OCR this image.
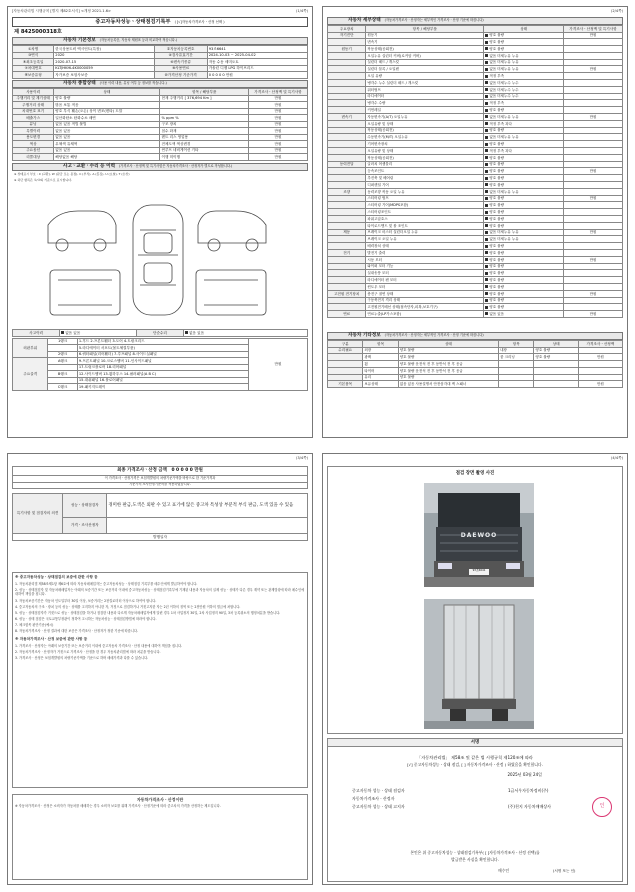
[자동차관리법 시행규칙 [별지 제82호서식] <개정 2021.1.6>	(1/4쪽)
중고자동차성능ㆍ상태점검기록부 ( [√]자동차가격조사ㆍ산정 선택 )
제 8425000318호
자동차 기본정보 (자동차등록증, 자동차 제원표 등과 비교하여 적습니다.)
①차명	한국상용트럭 엑시언트(특장)	②자동차등록번호	93조6641
③연식	2020	④검사유효기간	2024-10-03 ~ 2025-04-02
⑤최초등록일	2020-07-15	⑥변속기종류	자동 수동 세미오토
⑦차대번호	KLTJHKHL4K0000059	⑧사용연료	가솔린 디젤 LPG 하이브리드
⑨보증유형	자가보증 보험사보증	⑩가격산정 기준가격	0 0 0 0 0 만원
자동차 종합상태 (사용 이력 내용, 튜닝 여부 등 정보를 적습니다.)
사용이력	상태	항목 / 해당부품	가격조사ㆍ산정액 및 특기사항
주행거리 및 계기상태	양호 불량	현재 주행거리 [ 376,694 Km ]	만원
주행거리 상태	많음 보통 적음		만원
차대번호 표기	양호 부식 훼손(오손) 상이 변조(변타) 도말		만원
배출가스	일산화탄소 탄화수소 매연	% ppm %	만원
튜닝	없음 있음 적법 불법	구조 장치	만원
특별이력	없음 있음	침수 화재	만원
용도변경	없음 있음	렌트 리스 영업용	만원
색상	무채색 유채색	전체도색 색상변경	만원
주요옵션	없음 있음	썬루프 네비게이션 기타	만원
리콜대상	해당없음 해당	이행 미이행	만원
사고ㆍ교환ㆍ수리 등 이력 (가격조사ㆍ산정액 및 특기사항은 자동차가격조사ㆍ산정자가 별도로 작성합니다.)

※ 상태표시 부호 : X (교환), W (판금 또는 용접), C (부식), A (흠집), U (요철), T (손상)

※ 하단 항목은 ①/②의 기준으로 표시합니다.

사고이력	없음 있음	단순수리	없음 있음
외판부위	1랭크	1.후드 2.프론트휀더 3.도어 4.트렁크리드	만원
		5.라디에이터 서포트(볼트체결부품)	
	2랭크	6.쿼터패널(리어휀더) 7.루프패널 8.사이드실패널	
주요골격	A랭크	9.프론트패널 10.크로스멤버 11.인사이드패널	
		17.트렁크플로어 18.리어패널	
	B랭크	12.사이드멤버 13.휠하우스 14.필러패널(A B C)	
		15.대쉬패널 16.플로어패널	
	C랭크	19.패키지트레이	
(2/4쪽)
자동차 세부상태 (자동차가격조사ㆍ산정자는 세부적인 가격조사ㆍ산정 기준에 따릅니다)
주요장치	항목 / 해당부품	상태	가격조사ㆍ산정액 및 특기사항
자기진단	원동기	양호 불량	만원
	변속기	양호 불량	
원동기	작동상태(공회전)	양호 불량	
	오일누유 실린더 커버(로커암 커버)	없음 미세누유 누유	
	실린더 헤드 / 개스킷	없음 미세누유 누유	
	실린더 블록 / 오일팬	없음 미세누유 누유	만원
	오일 유량	적정 부족	
	냉각수 누수 실린더 헤드 / 개스킷	없음 미세누수 누수	
	워터펌프	없음 미세누수 누수	
	라디에이터	없음 미세누수 누수	
	냉각수 수량	적정 부족	
	커먼레일	양호 불량	
변속기	자동변속기(A/T) 오일누유	없음 미세누유 누유	만원
	오일유량 및 상태	적정 부족 과다	
	작동상태(공회전)	양호 불량	
	수동변속기(M/T) 오일누유	없음 미세누유 누유	
	기어변속장치	양호 불량	
	오일유량 및 상태	적정 부족 과다	
	작동상태(공회전)	양호 불량	
동력전달	클러치 어셈블리	양호 불량	
	등속조인트	양호 불량	만원
	추진축 및 베어링	양호 불량	
	디퍼렌셜 기어	양호 불량	
조향	동력조향 작동 오일 누유	없음 미세누유 누유	
	스티어링 펌프	양호 불량	만원
	스티어링 기어(MDPS포함)	양호 불량	
	스티어링조인트	양호 불량	
	파워고압호스	양호 불량	
	타이로드엔드 및 볼 조인트	양호 불량	
제동	브레이크 마스터 실린더오일 누유	없음 미세누유 누유	만원
	브레이크 오일 누유	없음 미세누유 누유	
	배력장치 상태	양호 불량	
전기	발전기 출력	양호 불량	
	시동 모터	양호 불량	만원
	와이퍼 모터 기능	양호 불량	
	실내송풍 모터	양호 불량	
	라디에이터 팬 모터	양호 불량	
	윈도우 모터	양호 불량	
고전원 전기장치	충전구 절연 상태	양호 불량	만원
	구동축전지 격리 상태	양호 불량	
	고전원전기배선 상태(접속단자,피복,보호기구)	양호 불량	
연료	연료누출(LP가스포함)	없음 있음	만원
자동차 기타정보 (자동차가격조사ㆍ산정자는 세부적인 가격조사ㆍ산정 기준에 따릅니다)
구분	항목	상태	항목	상태	가격조사ㆍ산정액
수리필요	외장	양호 불량	내장	양호 불량	
	광택	양호 불량	룸 크리닝	양호 불량	만원
	휠	양호 불량 운전석 전 후 동반석 전 후 응급			
	타이어	양호 불량 운전석 전 후 동반석 전 후 응급			
	유리	양호 불량			
기본품목	보유상태	없음 있음 사용설명서 안전삼각대 잭 스패너			만원
(3/4쪽)
최종 가격조사ㆍ산정 금액 0 0 0 0 0 만원
이 가격조사ㆍ산정가격은 보험개발원의 차량기준가액을 바탕으로 한 기준가격과
기준가격 조사산정기준서를 적용하였습니다.
특기사항 및 점검자의 의견	성능ㆍ상태점검자	경미한 판금,도색은 외판 수 있고 표기에 않은 중고차 특성상 부분적 부식 판금, 도색 있을 수 있음
	가격ㆍ조사산정자	
발행일자		

※ 중고자동차성능ㆍ상태점검의 보증에 관한 사항 등

1. 자동차관리법 제58조제1항 제6호에 따라 자동차매매업자는 중고자동차성능ㆍ상태점검 기록부를 매수인에게 발급하여야 합니다.

2. 성능ㆍ상태점검자 및 자동차매매업자는 아래의 보증기간 또는 보증거리 이내에 중고자동차성능ㆍ상태점검기록부에 기재된 내용과 자동차의 실제 성능ㆍ상태가 다른 경우 계약 또는 관계법령에 따라 매수인에 대하여 책임을 집니다.

3. 자동차보증기간은 자동차 인도일부터 30일 이상, 보증거리는 2천킬로미터 이상으로 하여야 합니다.

4. 중고자동차의 구조ㆍ장치 등의 성능ㆍ상태를 고지하지 아니한 자, 거짓으로 점검하거나 거짓고지한 자는 2년 이하의 징역 또는 2천만원 이하의 벌금에 처합니다.

5. 성능ㆍ상태점검자가 거짓으로 성능ㆍ상태점검을 하거나 점검한 내용과 다르게 자동차매매업자에게 알린 경우 1차 사업정지 30일, 2차 사업정지 90일, 3차 등록취소의 행정처분을 받습니다.

6. 성능ㆍ상태 점검은 국토교통부장관이 정하여 고시하는 자동차성능ㆍ상태점검방법에 따라야 합니다.

7. 체크항목 판단기준(예시)

8. 자동차가격조사ㆍ산정 결과에 대한 보증은 가격조사ㆍ산정자가 정한 기준에 따릅니다.

※ 자동차가격조사ㆍ산정 보증에 관한 사항 등

1. 가격조사ㆍ산정자는 아래의 보증기간 또는 보증거리 이내에 중고자동차 가격조사ㆍ산정 내용에 대하여 책임을 집니다.

2. 자동차가격조사ㆍ산정자가 거짓으로 가격조사ㆍ산정을 한 경우 자동차관리법에 따라 처분을 받습니다.

3. 가격조사ㆍ산정은 보험개발원의 차량기준가액을 기준으로 하며 매매가격과 다를 수 있습니다.

자동차가격조사ㆍ산정이란

※ 자동차가격조사ㆍ산정은 소비자가 자동차를 매매하는 경우 소비자 보호를 위해 가격조사ㆍ산정기준에 따라 중고차의 가격을 산정하는 제도입니다.

(4/4쪽)
점검 장면 촬영 사진
DAEWOO
93조6641
서명
「자동차관리법」 제58조 및 같은 법 시행규칙 제120조에 따라
[√] 중고자동차성능ㆍ상태 점검, [ ] 자동차가격조사ㆍ산정 ) 하였음을 확인합니다.
2025년 03월 24일
중고자동차 성능ㆍ상태 점검자	1급서우자동차정비(주)
자동차가격조사ㆍ산정자
중고자동차 성능ㆍ상태 고지자	(주)천지 자동차매매상사	인
본인은 위 중고자동차성능ㆍ상태점검기록부( [ ]자동차가격조사ㆍ산정 선택)를
발급받은 사실을 확인합니다.
매수인	(서명 또는 인)
